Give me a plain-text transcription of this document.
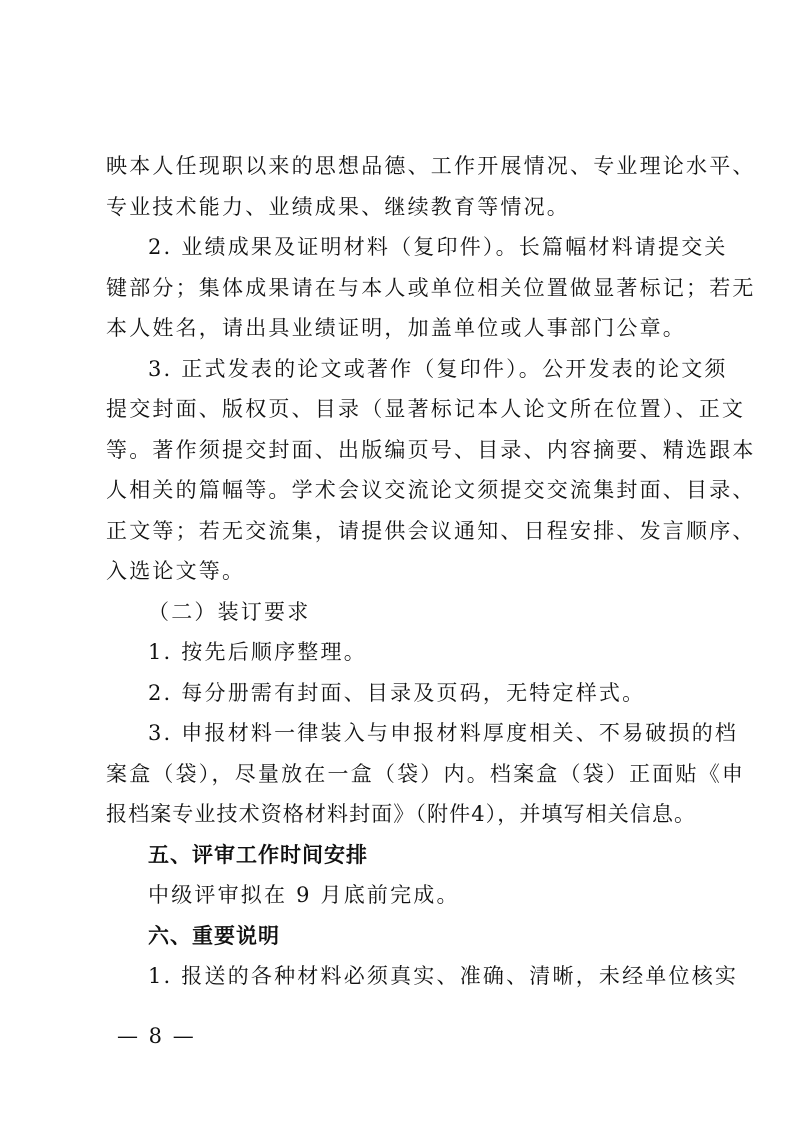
映本人任现职以来的思想品德、工作开展情况、专业理论水平、
专业技术能力、业绩成果、继续教育等情况。
2. 业绩成果及证明材料（复印件）。长篇幅材料请提交关
键部分；集体成果请在与本人或单位相关位置做显著标记；若无
本人姓名，请出具业绩证明，加盖单位或人事部门公章。
3. 正式发表的论文或著作（复印件）。公开发表的论文须
提交封面、版权页、目录（显著标记本人论文所在位置）、正文
等。著作须提交封面、出版编页号、目录、内容摘要、精选跟本
人相关的篇幅等。学术会议交流论文须提交交流集封面、目录、
正文等；若无交流集，请提供会议通知、日程安排、发言顺序、
入选论文等。
（二）装订要求
1. 按先后顺序整理。
2. 每分册需有封面、目录及页码，无特定样式。
3. 申报材料一律装入与申报材料厚度相关、不易破损的档
案盒（袋），尽量放在一盒（袋）内。档案盒（袋）正面贴《申
报档案专业技术资格材料封面》（附件4），并填写相关信息。
五、评审工作时间安排
中级评审拟在 9 月底前完成。
六、重要说明
1. 报送的各种材料必须真实、准确、清晰，未经单位核实
— 8 —
